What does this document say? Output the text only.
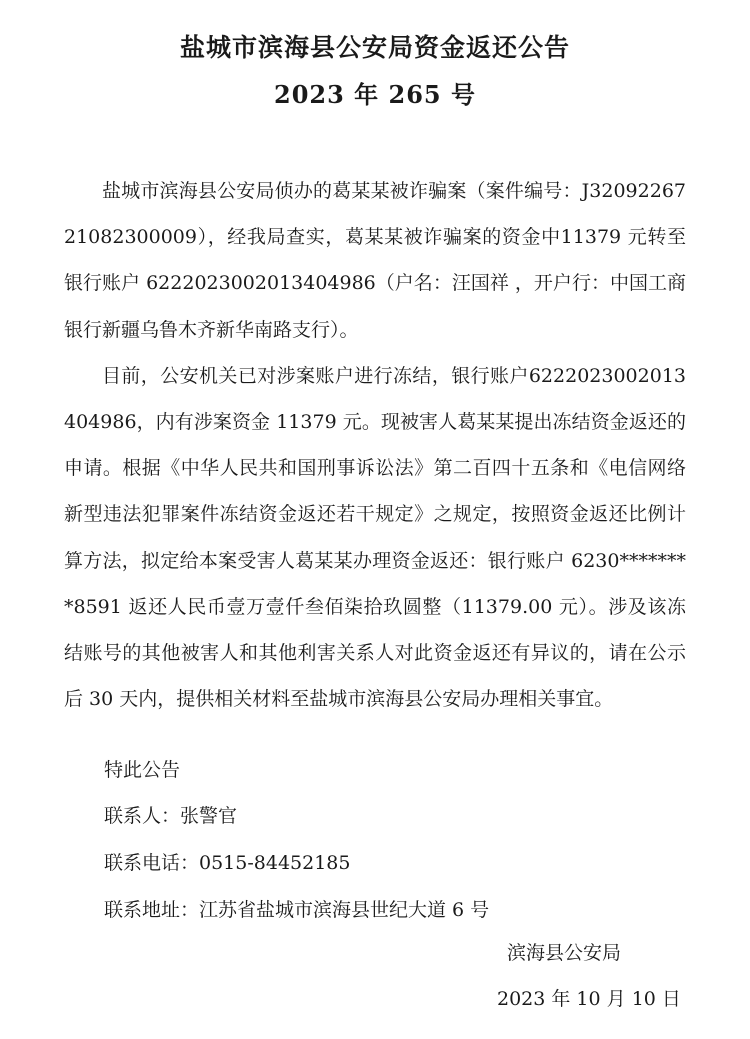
盐城市滨海县公安局资金返还公告
2023 年 265 号

盐城市滨海县公安局侦办的葛某某被诈骗案（案件编号：J3209226721082300009），经我局查实，葛某某被诈骗案的资金中11379 元转至银行账户 6222023002013404986（户名：汪国祥 ，开户行：中国工商银行新疆乌鲁木齐新华南路支行）。

目前，公安机关已对涉案账户进行冻结，银行账户6222023002013404986，内有涉案资金 11379 元。现被害人葛某某提出冻结资金返还的申请。根据《中华人民共和国刑事诉讼法》第二百四十五条和《电信网络新型违法犯罪案件冻结资金返还若干规定》之规定，按照资金返还比例计算方法，拟定给本案受害人葛某某办理资金返还：银行账户 6230********8591 返还人民币壹万壹仟叁佰柒拾玖圆整（11379.00 元）。涉及该冻结账号的其他被害人和其他利害关系人对此资金返还有异议的，请在公示后 30 天内，提供相关材料至盐城市滨海县公安局办理相关事宜。

特此公告
联系人：张警官
联系电话：0515-84452185
联系地址：江苏省盐城市滨海县世纪大道 6 号
滨海县公安局
2023 年 10 月 10 日
